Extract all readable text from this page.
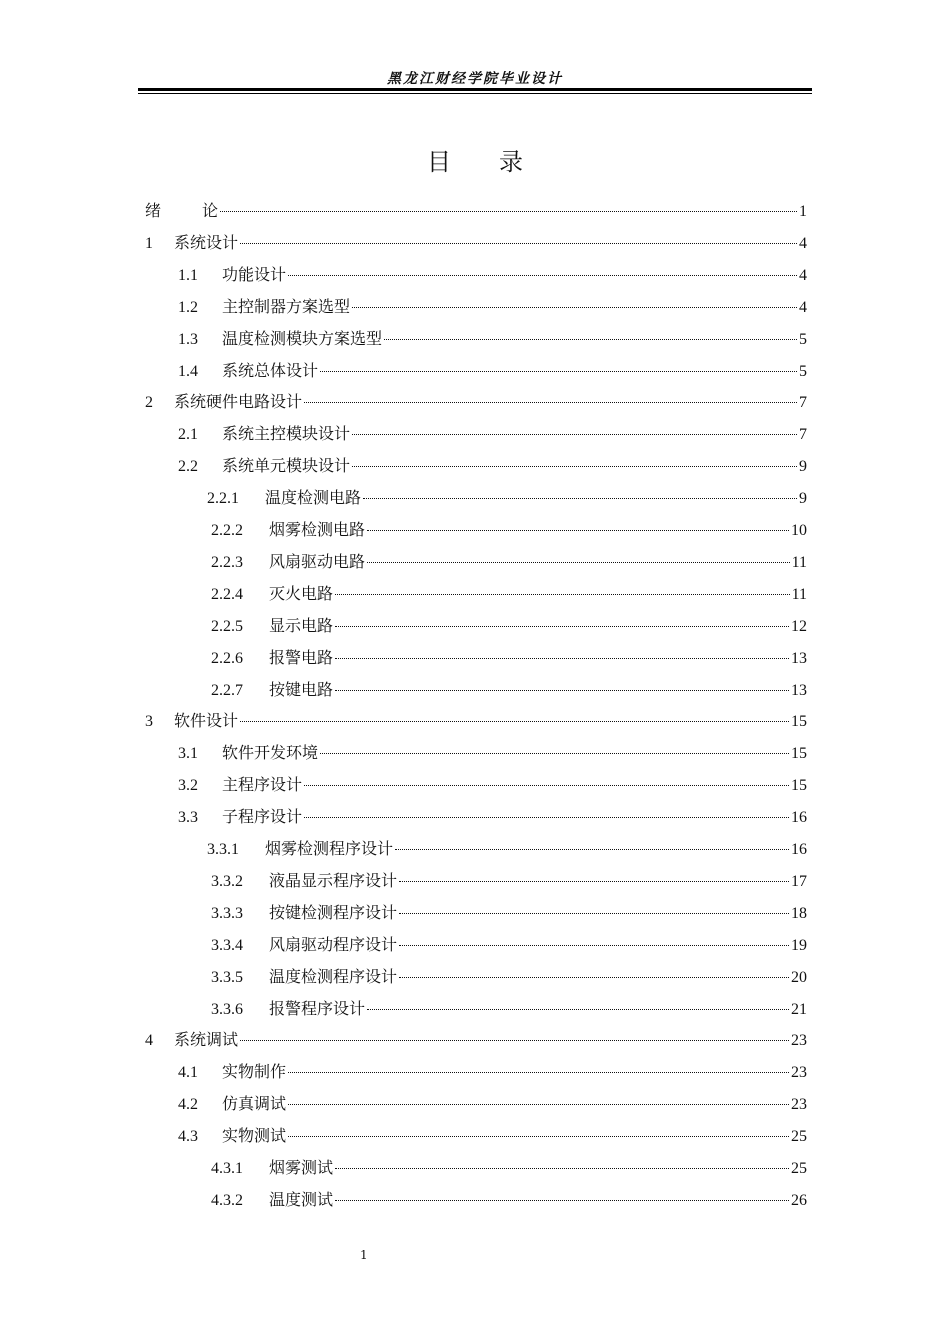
黑龙江财经学院毕业设计
目 录
绪	论	1
1	系统设计	4
1.1	功能设计	4
1.2	主控制器方案选型	4
1.3	温度检测模块方案选型	5
1.4	系统总体设计	5
2	系统硬件电路设计	7
2.1	系统主控模块设计	7
2.2	系统单元模块设计	9
2.2.1	温度检测电路	9
2.2.2	烟雾检测电路	10
2.2.3	风扇驱动电路	11
2.2.4	灭火电路	11
2.2.5	显示电路	12
2.2.6	报警电路	13
2.2.7	按键电路	13
3	软件设计	15
3.1	软件开发环境	15
3.2	主程序设计	15
3.3	子程序设计	16
3.3.1	烟雾检测程序设计	16
3.3.2	液晶显示程序设计	17
3.3.3	按键检测程序设计	18
3.3.4	风扇驱动程序设计	19
3.3.5	温度检测程序设计	20
3.3.6	报警程序设计	21
4	系统调试	23
4.1	实物制作	23
4.2	仿真调试	23
4.3	实物测试	25
4.3.1	烟雾测试	25
4.3.2	温度测试	26
1
